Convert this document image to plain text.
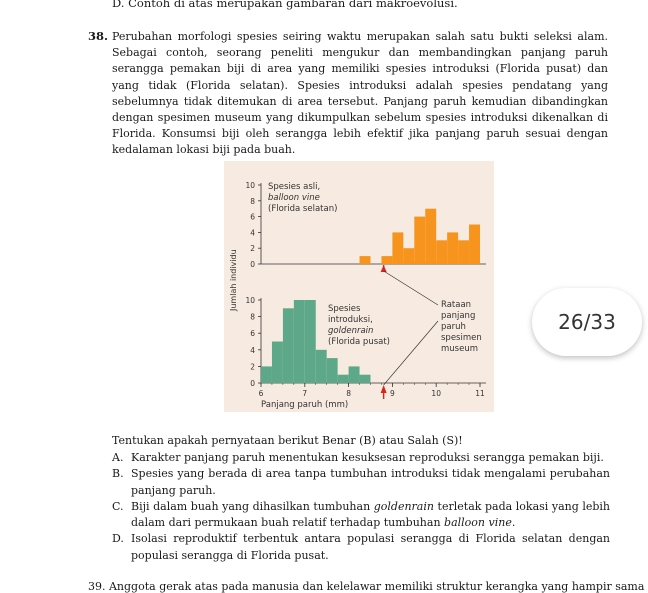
D. Contoh di atas merupakan gambaran dari makroevolusi.
38. Perubahan morfologi spesies seiring waktu merupakan salah satu bukti seleksi alam. Sebagai contoh, seorang peneliti mengukur dan membandingkan panjang paruh serangga pemakan biji di area yang memiliki spesies introduksi (Florida pusat) dan yang tidak (Florida selatan). Spesies introduksi adalah spesies pendatang yang sebelumnya tidak ditemukan di area tersebut. Panjang paruh kemudian dibandingkan dengan spesimen museum yang dikumpulkan sebelum spesies introduksi dikenalkan di Florida. Konsumsi biji oleh serangga lebih efektif jika panjang paruh sesuai dengan kedalaman lokasi biji pada buah.
Jumlah individu
Spesies asli,
balloon vine
(Florida selatan)
Spesies
introduksi,
goldenrain
(Florida pusat)
Rataan
panjang
paruh
spesimen
museum
Panjang paruh (mm)
10
8
6
4
2
0
10
8
6
4
2
0
6	7	8	9	10	11
26/33
Tentukan apakah pernyataan berikut Benar (B) atau Salah (S)!
A. Karakter panjang paruh menentukan kesuksesan reproduksi serangga pemakan biji.
B. Spesies yang berada di area tanpa tumbuhan introduksi tidak mengalami perubahan panjang paruh.
C. Biji dalam buah yang dihasilkan tumbuhan goldenrain terletak pada lokasi yang lebih dalam dari permukaan buah relatif terhadap tumbuhan balloon vine.
D. Isolasi reproduktif terbentuk antara populasi serangga di Florida selatan dengan populasi serangga di Florida pusat.
39. Anggota gerak atas pada manusia dan kelelawar memiliki struktur kerangka yang hampir sama
